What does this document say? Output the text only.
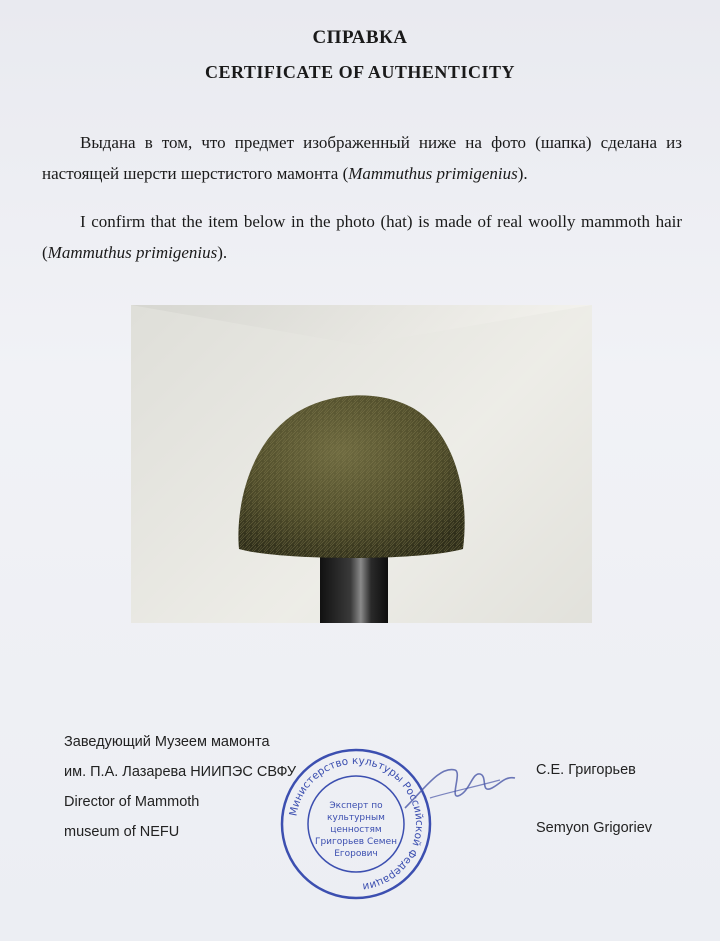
СПРАВКА
CERTIFICATE OF AUTHENTICITY
Выдана в том, что предмет изображенный ниже на фото (шапка) сделана из настоящей шерсти шерстистого мамонта (Mammuthus primigenius).
I confirm that the item below in the photo (hat) is made of real woolly mammoth hair (Mammuthus primigenius).
Заведующий Музеем мамонта
им. П.А. Лазарева НИИПЭС СВФУ
Director of Mammoth
museum of NEFU
С.Е. Григорьев
Semyon Grigoriev
Министерство культуры Российской Федерации
Эксперт по
культурным
ценностям
Григорьев Семен
Егорович
